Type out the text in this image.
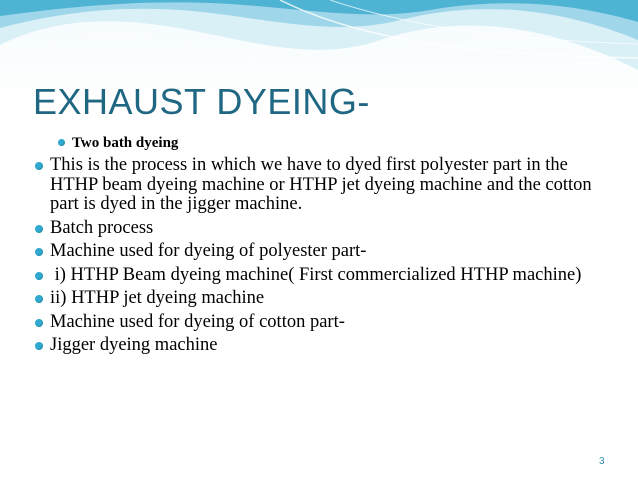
EXHAUST DYEING-
Two bath dyeing
This is the process in which we have to dyed first polyester part in the HTHP beam dyeing machine or HTHP jet dyeing machine and the cotton part is dyed in the jigger machine.
Batch process
Machine used for dyeing of polyester part-
i) HTHP Beam dyeing machine( First commercialized HTHP machine)
ii) HTHP jet dyeing machine
Machine used for dyeing of cotton part-
Jigger dyeing machine
3
